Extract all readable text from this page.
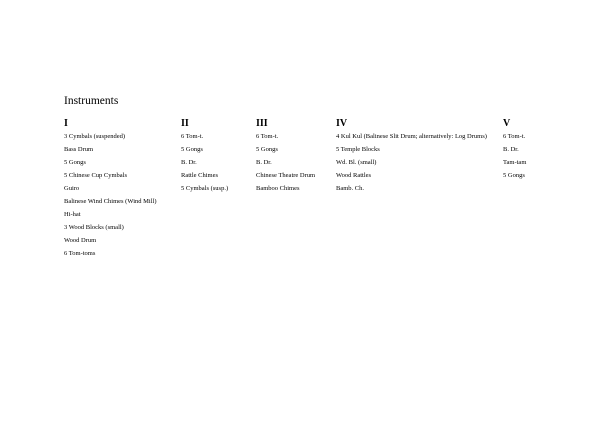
Instruments
I
3 Cymbals (suspended)
Bass Drum
5 Gongs
5 Chinese Cup Cymbals
Guiro
Balinese Wind Chimes (Wind Mill)
Hi-hat
3 Wood Blocks (small)
Wood Drum
6 Tom-toms
II
6 Tom-t.
5 Gongs
B. Dr.
Rattle Chimes
5 Cymbals (susp.)
III
6 Tom-t.
5 Gongs
B. Dr.
Chinese Theatre Drum
Bamboo Chimes
IV
4 Kul Kul (Balinese Slit Drum; alternatively: Log Drums)
5 Temple Blocks
Wd. Bl. (small)
Wood Rattles
Bamb. Ch.
V
6 Tom-t.
B. Dr.
Tam-tam
5 Gongs
